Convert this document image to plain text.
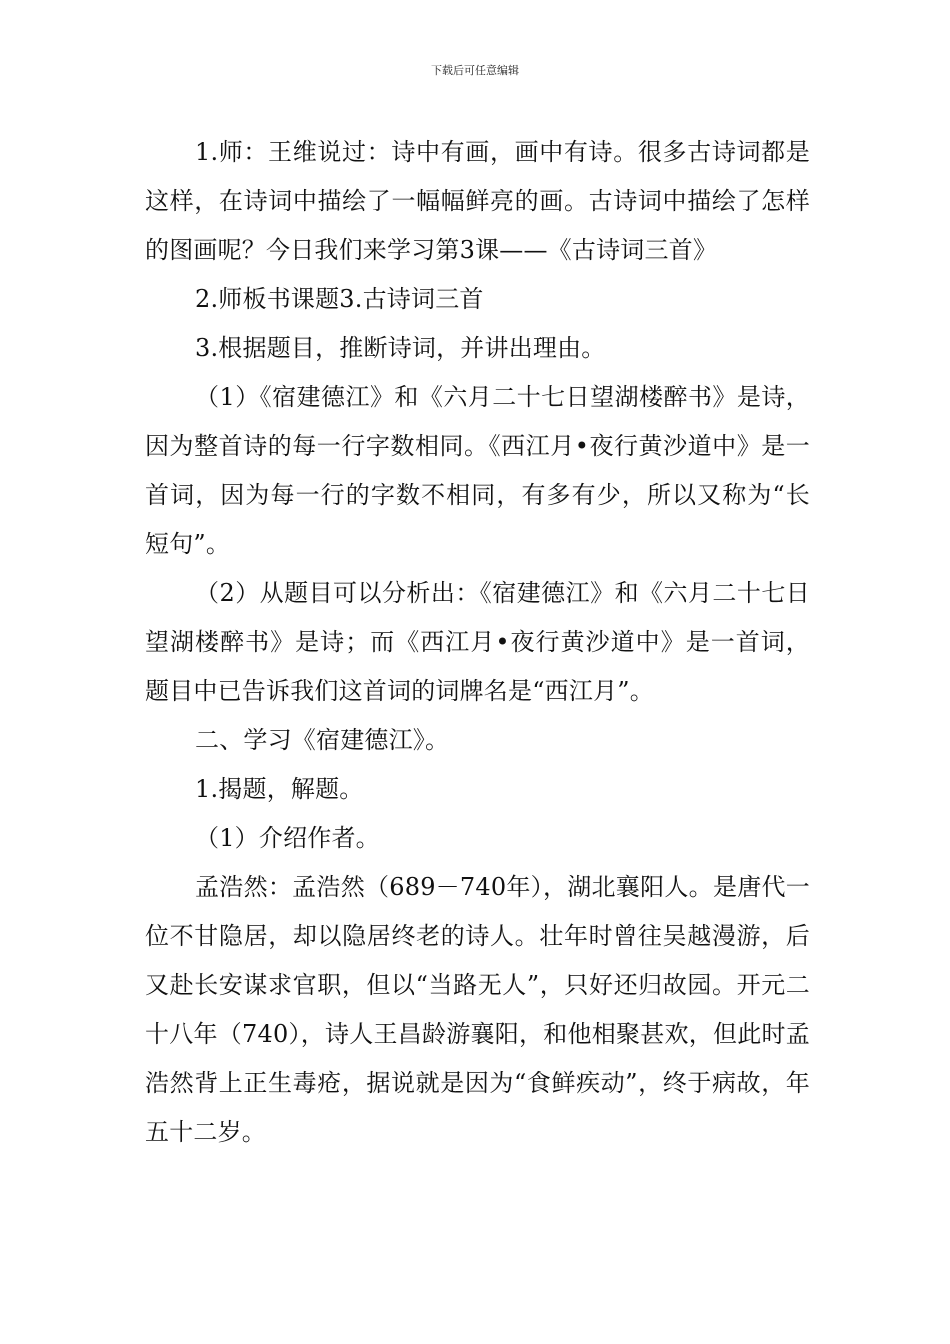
下载后可任意编辑

1.师：王维说过：诗中有画，画中有诗。很多古诗词都是这样，在诗词中描绘了一幅幅鲜亮的画。古诗词中描绘了怎样的图画呢？今日我们来学习第3课——《古诗词三首》

2.师板书课题3.古诗词三首

3.根据题目，推断诗词，并讲出理由。

（1）《宿建德江》和《六月二十七日望湖楼醉书》是诗，因为整首诗的每一行字数相同。《西江月•夜行黄沙道中》是一首词，因为每一行的字数不相同，有多有少，所以又称为“长短句”。

（2）从题目可以分析出：《宿建德江》和《六月二十七日望湖楼醉书》是诗；而《西江月•夜行黄沙道中》是一首词，题目中已告诉我们这首词的词牌名是“西江月”。

二、学习《宿建德江》。

1.揭题，解题。

（1）介绍作者。

孟浩然：孟浩然（689－740年），湖北襄阳人。是唐代一位不甘隐居，却以隐居终老的诗人。壮年时曾往吴越漫游，后又赴长安谋求官职，但以“当路无人”，只好还归故园。开元二十八年（740），诗人王昌龄游襄阳，和他相聚甚欢，但此时孟浩然背上正生毒疮，据说就是因为“食鲜疾动”，终于病故，年五十二岁。
